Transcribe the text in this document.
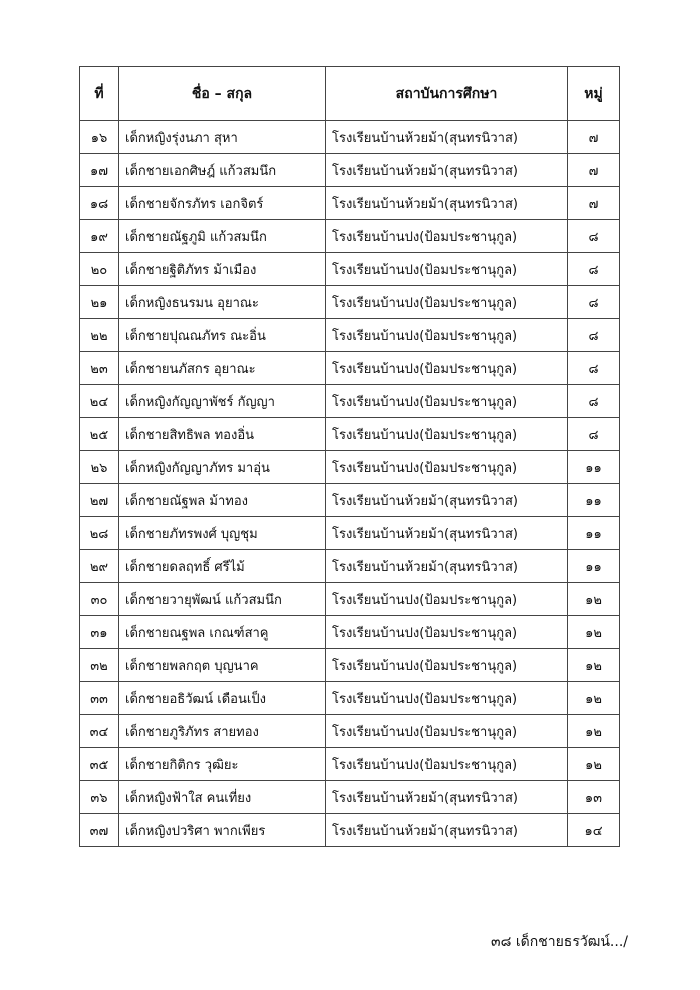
ที่	ชื่อ – สกุล	สถาบันการศึกษา	หมู่
๑๖	เด็กหญิงรุ่งนภา สุหา	โรงเรียนบ้านห้วยม้า(สุนทรนิวาส)	๗
๑๗	เด็กชายเอกศิษฎ์ แก้วสมนึก	โรงเรียนบ้านห้วยม้า(สุนทรนิวาส)	๗
๑๘	เด็กชายจักรภัทร เอกจิตร์	โรงเรียนบ้านห้วยม้า(สุนทรนิวาส)	๗
๑๙	เด็กชายณัฐภูมิ แก้วสมนึก	โรงเรียนบ้านปง(ป้อมประชานุกูล)	๘
๒๐	เด็กชายฐิติภัทร ม้าเมือง	โรงเรียนบ้านปง(ป้อมประชานุกูล)	๘
๒๑	เด็กหญิงธนรมน อุยาณะ	โรงเรียนบ้านปง(ป้อมประชานุกูล)	๘
๒๒	เด็กชายปุณณภัทร ณะอิ่น	โรงเรียนบ้านปง(ป้อมประชานุกูล)	๘
๒๓	เด็กชายนภัสกร อุยาณะ	โรงเรียนบ้านปง(ป้อมประชานุกูล)	๘
๒๔	เด็กหญิงกัญญาพัชร์ กัญญา	โรงเรียนบ้านปง(ป้อมประชานุกูล)	๘
๒๕	เด็กชายสิทธิพล ทองอิ่น	โรงเรียนบ้านปง(ป้อมประชานุกูล)	๘
๒๖	เด็กหญิงกัญญาภัทร มาอุ่น	โรงเรียนบ้านปง(ป้อมประชานุกูล)	๑๑
๒๗	เด็กชายณัฐพล ม้าทอง	โรงเรียนบ้านห้วยม้า(สุนทรนิวาส)	๑๑
๒๘	เด็กชายภัทรพงศ์ บุญชุม	โรงเรียนบ้านห้วยม้า(สุนทรนิวาส)	๑๑
๒๙	เด็กชายดลฤทธิ์ ศรีไม้	โรงเรียนบ้านห้วยม้า(สุนทรนิวาส)	๑๑
๓๐	เด็กชายวายุพัฒน์ แก้วสมนึก	โรงเรียนบ้านปง(ป้อมประชานุกูล)	๑๒
๓๑	เด็กชายณฐพล เกณฑ์สาคู	โรงเรียนบ้านปง(ป้อมประชานุกูล)	๑๒
๓๒	เด็กชายพลกฤต บุญนาค	โรงเรียนบ้านปง(ป้อมประชานุกูล)	๑๒
๓๓	เด็กชายอธิวัฒน์ เดือนเป็ง	โรงเรียนบ้านปง(ป้อมประชานุกูล)	๑๒
๓๔	เด็กชายภูริภัทร สายทอง	โรงเรียนบ้านปง(ป้อมประชานุกูล)	๑๒
๓๕	เด็กชายกิติกร วุฒิยะ	โรงเรียนบ้านปง(ป้อมประชานุกูล)	๑๒
๓๖	เด็กหญิงฟ้าใส คนเที่ยง	โรงเรียนบ้านห้วยม้า(สุนทรนิวาส)	๑๓
๓๗	เด็กหญิงปวริศา พากเพียร	โรงเรียนบ้านห้วยม้า(สุนทรนิวาส)	๑๔
๓๘ เด็กชายธรวัฒน์.../
